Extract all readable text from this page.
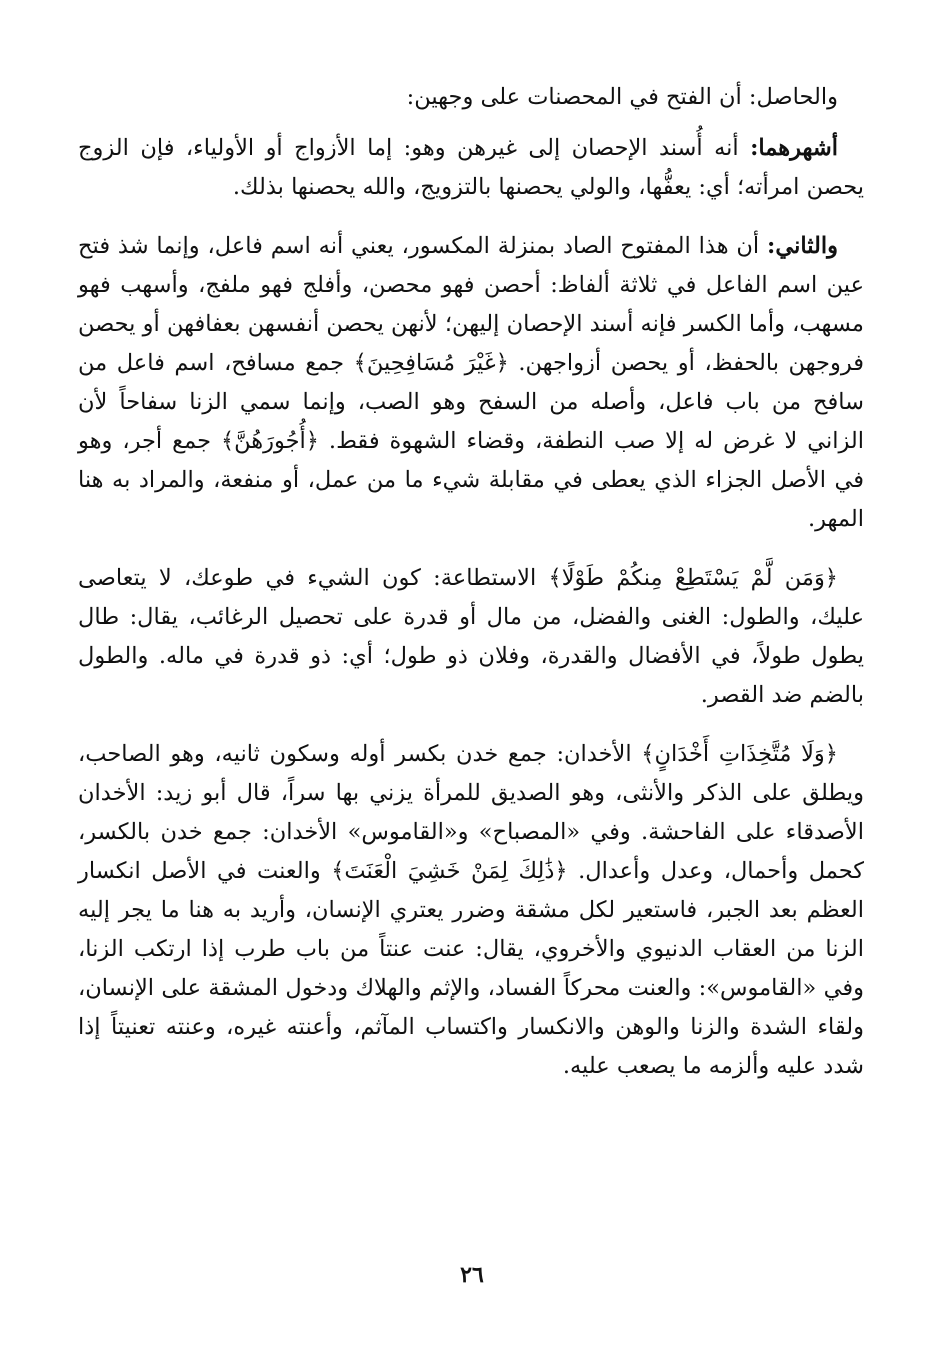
والحاصل: أن الفتح في المحصنات على وجهين:

أشهرهما: أنه أُسند الإحصان إلى غيرهن وهو: إما الأزواج أو الأولياء، فإن الزوج يحصن امرأته؛ أي: يعفُّها، والولي يحصنها بالتزويج، والله يحصنها بذلك.

والثاني: أن هذا المفتوح الصاد بمنزلة المكسور، يعني أنه اسم فاعل، وإنما شذ فتح عين اسم الفاعل في ثلاثة ألفاظ: أحصن فهو محصن، وأفلج فهو ملفج، وأسهب فهو مسهب، وأما الكسر فإنه أسند الإحصان إليهن؛ لأنهن يحصن أنفسهن بعفافهن أو يحصن فروجهن بالحفظ، أو يحصن أزواجهن. ﴿غَيْرَ مُسَافِحِينَ﴾ جمع مسافح، اسم فاعل من سافح من باب فاعل، وأصله من السفح وهو الصب، وإنما سمي الزنا سفاحاً لأن الزاني لا غرض له إلا صب النطفة، وقضاء الشهوة فقط. ﴿أُجُورَهُنَّ﴾ جمع أجر، وهو في الأصل الجزاء الذي يعطى في مقابلة شيء ما من عمل، أو منفعة، والمراد به هنا المهر.

﴿وَمَن لَّمْ يَسْتَطِعْ مِنكُمْ طَوْلًا﴾ الاستطاعة: كون الشيء في طوعك، لا يتعاصى عليك، والطول: الغنى والفضل، من مال أو قدرة على تحصيل الرغائب، يقال: طال يطول طولاً، في الأفضال والقدرة، وفلان ذو طول؛ أي: ذو قدرة في ماله. والطول بالضم ضد القصر.

﴿وَلَا مُتَّخِذَاتِ أَخْدَانٍ﴾ الأخدان: جمع خدن بكسر أوله وسكون ثانيه، وهو الصاحب، ويطلق على الذكر والأنثى، وهو الصديق للمرأة يزني بها سراً، قال أبو زيد: الأخدان الأصدقاء على الفاحشة. وفي «المصباح» و«القاموس» الأخدان: جمع خدن بالكسر، كحمل وأحمال، وعدل وأعدال. ﴿ذَٰلِكَ لِمَنْ خَشِيَ الْعَنَتَ﴾ والعنت في الأصل انكسار العظم بعد الجبر، فاستعير لكل مشقة وضرر يعتري الإنسان، وأريد به هنا ما يجر إليه الزنا من العقاب الدنيوي والأخروي، يقال: عنت عنتاً من باب طرب إذا ارتكب الزنا، وفي «القاموس»: والعنت محركاً الفساد، والإثم والهلاك ودخول المشقة على الإنسان، ولقاء الشدة والزنا والوهن والانكسار واكتساب المآثم، وأعنته غيره، وعنته تعنيتاً إذا شدد عليه وألزمه ما يصعب عليه.

٢٦
